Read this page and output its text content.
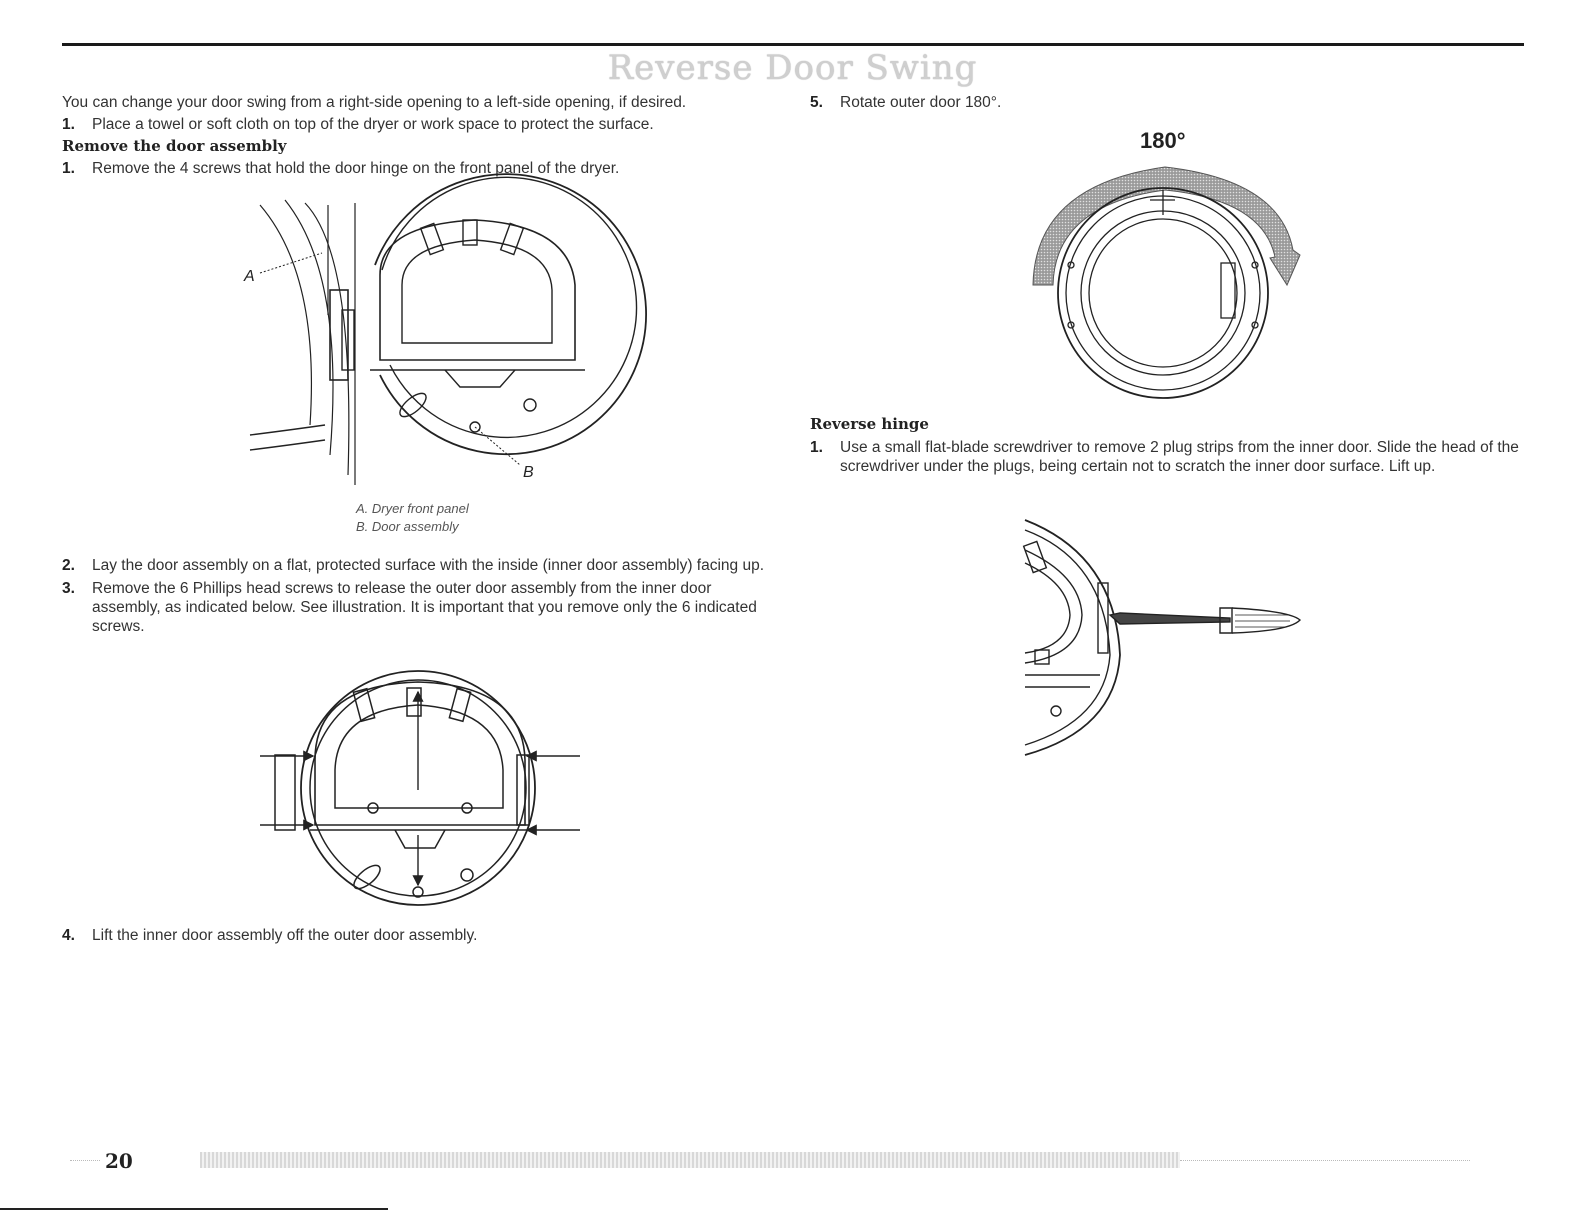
Reverse Door Swing

You can change your door swing from a right-side opening to a left-side opening, if desired.

1. Place a towel or soft cloth on top of the dryer or work space to protect the surface.

Remove the door assembly

1. Remove the 4 screws that hold the door hinge on the front panel of the dryer.

A
B
A. Dryer front panel
B. Door assembly

2. Lay the door assembly on a flat, protected surface with the inside (inner door assembly) facing up.

3. Remove the 6 Phillips head screws to release the outer door assembly from the inner door assembly, as indicated below. See illustration. It is important that you remove only the 6 indicated screws.

4. Lift the inner door assembly off the outer door assembly.

5. Rotate outer door 180°.

180°

Reverse hinge

1. Use a small flat-blade screwdriver to remove 2 plug strips from the inner door. Slide the head of the screwdriver under the plugs, being certain not to scratch the inner door surface. Lift up.

20
